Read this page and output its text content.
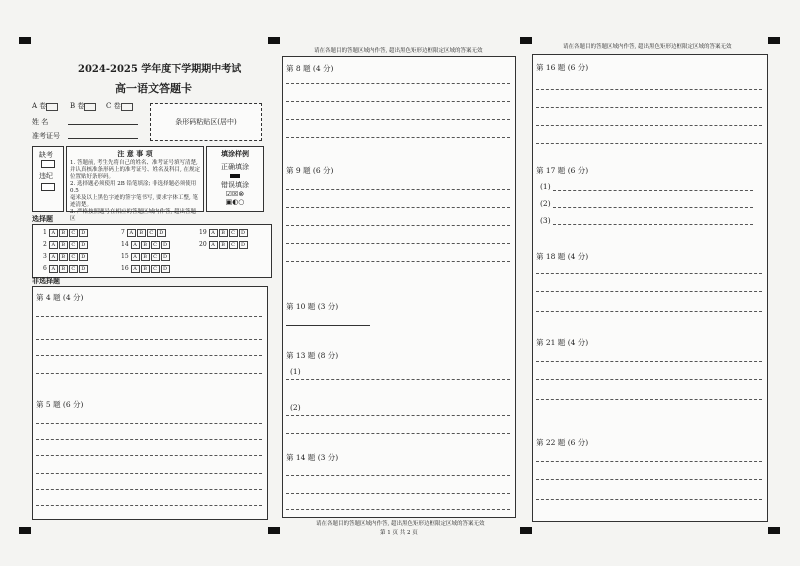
2024-2025 学年度下学期期中考试
高一语文答题卡
A 卷	B 卷	C 卷
姓 名
准考证号
条形码粘贴区(居中)
缺考
违纪
注 意 事 项
1. 答题前, 考生先将自己的姓名、准考证号填写清楚,
并认真核准条形码上的准考证号、姓名及科目, 在规定
位置贴好条形码。
2. 选择题必须使用 2B 铅笔填涂; 非选择题必须使用 0.5
毫米及以上黑色字迹的签字笔书写, 要求字体工整, 笔
迹清楚。
3. 严格按照题号在相应的答题区域内作答, 超出答题区
填涂样例
正确填涂
错误填涂
☑☒⊗
▣◐○
选择题
1 A B C D
2 A B C D
3 A B C D
6 A B C D
7 A B C D
14 A B C D
15 A B C D
16 A B C D
19 A B C D
20 A B C D
非选择题
第 4 题 (4 分)
第 5 题 (6 分)
请在各题目的答题区域内作答, 超出黑色矩形边框限定区域的答案无效
第 8 题 (4 分)
第 9 题 (6 分)
第 10 题 (3 分)
第 13 题 (8 分)
(1)
(2)
第 14 题 (3 分)
请在各题目的答题区域内作答, 超出黑色矩形边框限定区域的答案无效
第 1 页 共 2 页
请在各题目的答题区域内作答, 超出黑色矩形边框限定区域的答案无效
第 16 题 (6 分)
第 17 题 (6 分)
(1)
(2)
(3)
第 18 题 (4 分)
第 21 题 (4 分)
第 22 题 (6 分)
